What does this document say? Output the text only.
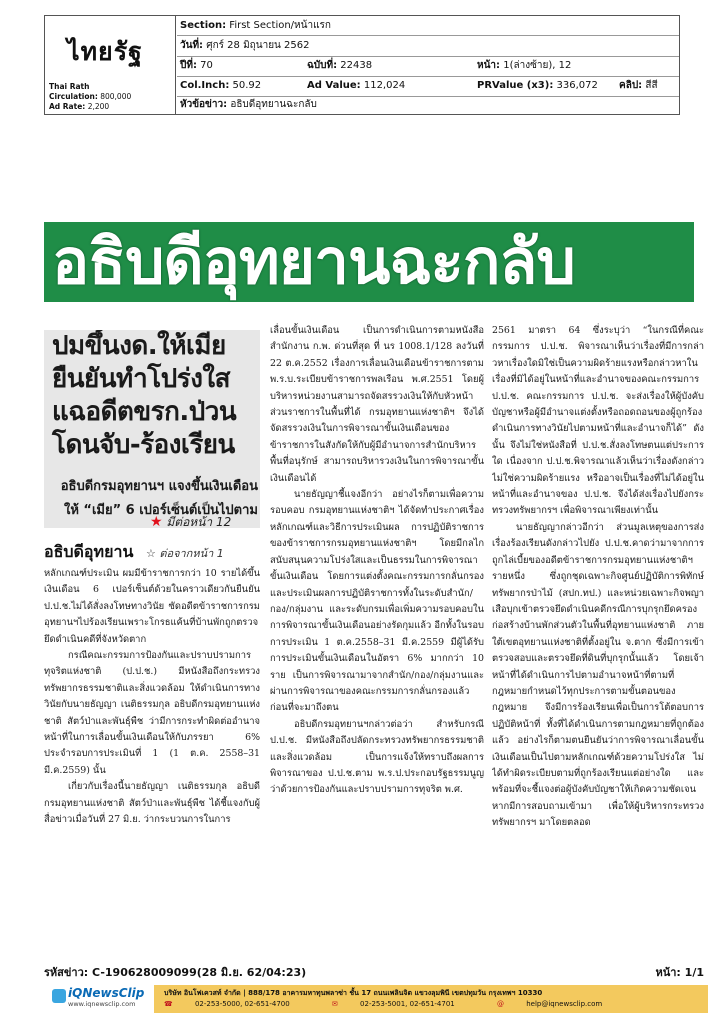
ไทยรัฐ
Thai Rath
Circulation: 800,000
Ad Rate: 2,200
Section: First Section/หน้าแรก
วันที่: ศุกร์ 28 มิถุนายน 2562
ปีที่: 70	ฉบับที่: 22438	หน้า: 1(ล่างซ้าย), 12
Col.Inch: 50.92	Ad Value: 112,024	PRValue (x3): 336,072 คลิป: สีสี
หัวข้อข่าว: อธิบดีอุทยานฉะกลับ
อธิบดีอุทยานฉะกลับ
ปมขึ้นงด.ให้เมียยืนยันทำโปร่งใสแฉอดีตขรก.ป่วนโดนจับ-ร้องเรียน
อธิบดีกรมอุทยานฯ แจงขึ้นเงินเดือนให้ “เมีย” 6 เปอร์เซ็นต์เป็นไปตาม
★ มีต่อหน้า 12
อธิบดีอุทยาน   ☆ ต่อจากหน้า 1

หลักเกณฑ์ประเมิน ผมมีข้าราชการกว่า 10 รายได้ขึ้นเงินเดือน 6 เปอร์เซ็นต์ด้วยในคราวเดียวกันยืนยัน ป.ป.ช.ไม่ได้สั่งลงโทษทางวินัย ซัดอดีตข้าราชการกรมอุทยานฯไปร้องเรียนเพราะโกรธแค้นที่บ้านพักถูกตรวจยึดดำเนินคดีที่จังหวัดตาก

กรณีคณะกรรมการป้องกันและปราบปรามการทุจริตแห่งชาติ (ป.ป.ช.) มีหนังสือถึงกระทรวงทรัพยากรธรรมชาติและสิ่งแวดล้อม ให้ดำเนินการทางวินัยกับนายธัญญา เนติธรรมกุล อธิบดีกรมอุทยานแห่งชาติ สัตว์ป่าและพันธุ์พืช ว่ามีการกระทำผิดต่ออำนาจหน้าที่ในการเลื่อนขั้นเงินเดือนให้กับภรรยา 6% ประจำรอบการประเมินที่ 1 (1 ต.ค. 2558–31 มี.ค.2559) นั้น

เกี่ยวกับเรื่องนี้นายธัญญา เนติธรรมกุล อธิบดีกรมอุทยานแห่งชาติ สัตว์ป่าและพันธุ์พืช ได้ชี้แจงกับผู้สื่อข่าวเมื่อวันที่ 27 มิ.ย. ว่ากระบวนการในการ

เลื่อนขั้นเงินเดือน เป็นการดำเนินการตามหนังสือสำนักงาน ก.พ. ด่วนที่สุด ที่ นร 1008.1/128 ลงวันที่ 22 ต.ค.2552 เรื่องการเลื่อนเงินเดือนข้าราชการตาม พ.ร.บ.ระเบียบข้าราชการพลเรือน พ.ศ.2551 โดยผู้บริหารหน่วยงานสามารถจัดสรรวงเงินให้กับหัวหน้าส่วนราชการในพื้นที่ได้ กรมอุทยานแห่งชาติฯ จึงได้จัดสรรวงเงินในการพิจารณาขั้นเงินเดือนของข้าราชการในสังกัดให้กับผู้มีอำนาจการสำนักบริหารพื้นที่อนุรักษ์ สามารถบริหารวงเงินในการพิจารณาขั้นเงินเดือนได้

นายธัญญาชี้แจงอีกว่า อย่างไรก็ตามเพื่อความรอบคอบ กรมอุทยานแห่งชาติฯ ได้จัดทำประกาศเรื่องหลักเกณฑ์และวิธีการประเมินผล การปฏิบัติราชการของข้าราชการกรมอุทยานแห่งชาติฯ โดยมีกลไกสนับสนุนความโปร่งใสและเป็นธรรมในการพิจารณาขั้นเงินเดือน โดยการแต่งตั้งคณะกรรมการกลั่นกรองและประเมินผลการปฏิบัติราชการทั้งในระดับสำนัก/กอง/กลุ่มงาน และระดับกรมเพื่อเพิ่มความรอบคอบในการพิจารณาขั้นเงินเดือนอย่างรัดกุมแล้ว อีกทั้งในรอบการประเมิน 1 ต.ค.2558–31 มี.ค.2559 มีผู้ได้รับการประเมินขั้นเงินเดือนในอัตรา 6% มากกว่า 10 ราย เป็นการพิจารณามาจากสำนัก/กอง/กลุ่มงานและผ่านการพิจารณาของคณะกรรมการกลั่นกรองแล้ว ก่อนที่จะมาถึงตน

อธิบดีกรมอุทยานฯกล่าวต่อว่า สำหรับกรณี ป.ป.ช. มีหนังสือถึงปลัดกระทรวงทรัพยากรธรรมชาติและสิ่งแวดล้อม เป็นการแจ้งให้ทราบถึงผลการพิจารณาของ ป.ป.ช.ตาม พ.ร.ป.ประกอบรัฐธรรมนูญว่าด้วยการป้องกันและปราบปรามการทุจริต พ.ศ.

2561 มาตรา 64 ซึ่งระบุว่า “ในกรณีที่คณะกรรมการ ป.ป.ช. พิจารณาเห็นว่าเรื่องที่มีการกล่าวหาเรื่องใดมิใช่เป็นความผิดร้ายแรงหรือกล่าวหาในเรื่องที่มิได้อยู่ในหน้าที่และอำนาจของคณะกรรมการ ป.ป.ช. คณะกรรมการ ป.ป.ช. จะส่งเรื่องให้ผู้บังคับบัญชาหรือผู้มีอำนาจแต่งตั้งหรือถอดถอนของผู้ถูกร้องดำเนินการทางวินัยไปตามหน้าที่และอำนาจก็ได้” ดังนั้น จึงไม่ใช่หนังสือที่ ป.ป.ช.สั่งลงโทษตนแต่ประการใด เนื่องจาก ป.ป.ช.พิจารณาแล้วเห็นว่าเรื่องดังกล่าวไม่ใช่ความผิดร้ายแรง หรืออาจเป็นเรื่องที่ไม่ได้อยู่ในหน้าที่และอำนาจของ ป.ป.ช. จึงได้ส่งเรื่องไปยังกระทรวงทรัพยากรฯ เพื่อพิจารณาเพียงเท่านั้น

นายธัญญากล่าวอีกว่า ส่วนมูลเหตุของการส่งเรื่องร้องเรียนดังกล่าวไปยัง ป.ป.ช.คาดว่ามาจากการถูกไล่เบี้ยของอดีตข้าราชการกรมอุทยานแห่งชาติฯ รายหนึ่ง ซึ่งถูกชุดเฉพาะกิจศูนย์ปฏิบัติการพิทักษ์ทรัพยากรป่าไม้ (สปก.ทป.) และหน่วยเฉพาะกิจพญาเสือบุกเข้าตรวจยึดดำเนินคดีกรณีการบุกรุกยึดครองก่อสร้างบ้านพักส่วนตัวในพื้นที่อุทยานแห่งชาติ ภายใต้เขตอุทยานแห่งชาติที่ตั้งอยู่ใน จ.ตาก ซึ่งมีการเข้าตรวจสอบและตรวจยึดที่ดินที่บุกรุกนั้นแล้ว โดยเจ้าหน้าที่ได้ดำเนินการไปตามอำนาจหน้าที่ตามที่กฎหมายกำหนดไว้ทุกประการตามขั้นตอนของกฎหมาย จึงมีการร้องเรียนเพื่อเป็นการโต้ตอบการปฏิบัติหน้าที่ ทั้งที่ได้ดำเนินการตามกฎหมายที่ถูกต้องแล้ว อย่างไรก็ตามตนยืนยันว่าการพิจารณาเลื่อนขั้นเงินเดือนเป็นไปตามหลักเกณฑ์ด้วยความโปร่งใส ไม่ได้ทำผิดระเบียบตามที่ถูกร้องเรียนแต่อย่างใด และพร้อมที่จะชี้แจงต่อผู้บังคับบัญชาให้เกิดความชัดเจนหากมีการสอบถามเข้ามา เพื่อให้ผู้บริหารกระทรวงทรัพยากรฯ มาโดยตลอด

รหัสข่าว: C-190628009099(28 มิ.ย. 62/04:23)	หน้า: 1/1
iQNewsClip
www.iqnewsclip.com
บริษัท อินโฟเควสท์ จำกัด | 888/178 อาคารมหาทุนพลาซ่า ชั้น 17 ถนนเพลินจิต แขวงลุมพินี เขตปทุมวัน กรุงเทพฯ 10330
☎	02-253-5000, 02-651-4700	✉	02-253-5001, 02-651-4701	@	help@iqnewsclip.com
